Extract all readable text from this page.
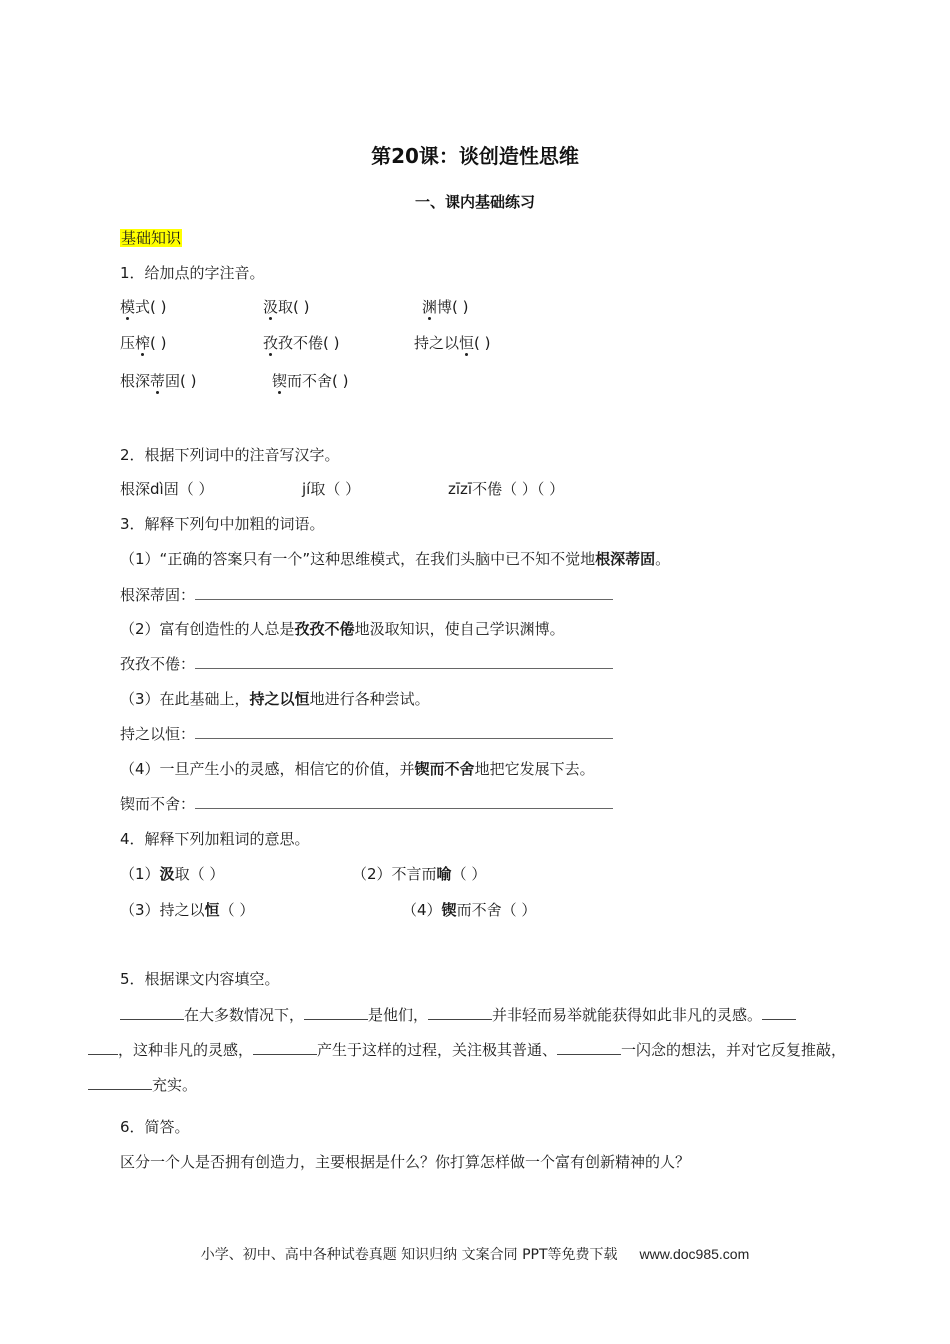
第20课：谈创造性思维
一、课内基础练习
基础知识
1．给加点的字注音。
模式( )	汲取( )	渊博( )
压榨( )	孜孜不倦( )	持之以恒( )
根深蒂固( )	锲而不舍( )
2．根据下列词中的注音写汉字。
根深dì固（ ）	jí取（ ）	zīzī不倦（ ）（ ）
3．解释下列句中加粗的词语。
（1）“正确的答案只有一个”这种思维模式，在我们头脑中已不知不觉地根深蒂固。
根深蒂固：
（2）富有创造性的人总是孜孜不倦地汲取知识，使自己学识渊博。
孜孜不倦：
（3）在此基础上，持之以恒地进行各种尝试。
持之以恒：
（4）一旦产生小的灵感，相信它的价值，并锲而不舍地把它发展下去。
锲而不舍：
4．解释下列加粗词的意思。
（1）汲取（ ）	（2）不言而喻（ ）
（3）持之以恒（ ）	（4）锲而不舍（ ）
5．根据课文内容填空。
在大多数情况下，	是他们，	并非轻而易举就能获得如此非凡的灵感。
，这种非凡的灵感，	产生于这样的过程，关注极其普通、	一闪念的想法，并对它反复推敲，
充实。
6．简答。
区分一个人是否拥有创造力，主要根据是什么？你打算怎样做一个富有创新精神的人？
小学、初中、高中各种试卷真题 知识归纳 文案合同 PPT等免费下载 www.doc985.com
